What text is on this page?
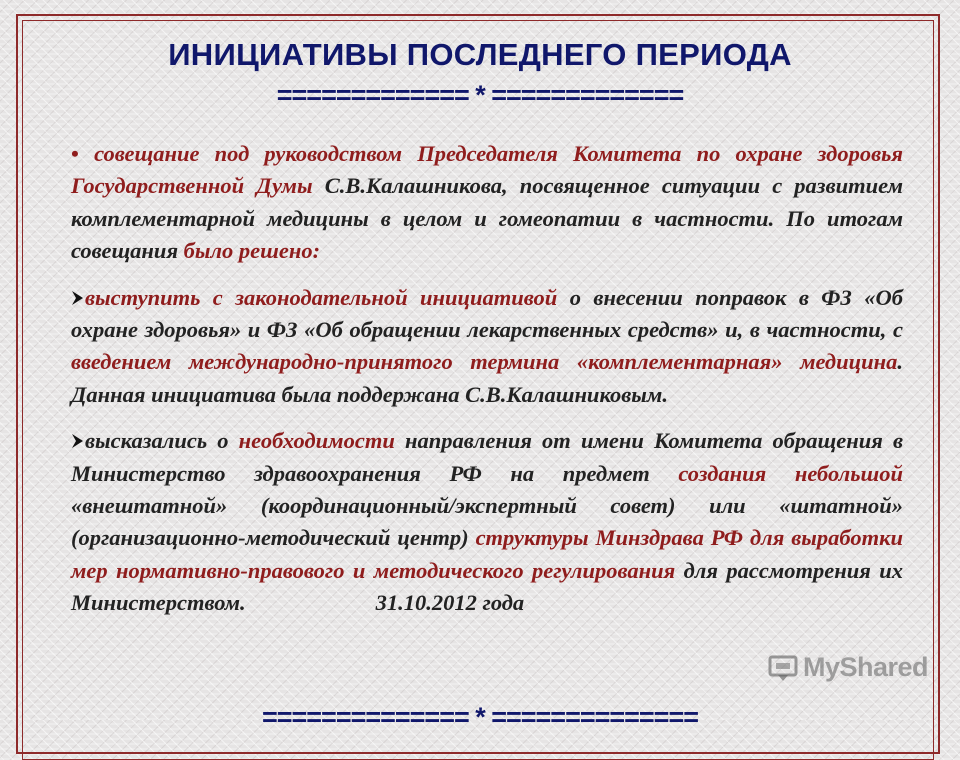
ИНИЦИАТИВЫ ПОСЛЕДНЕГО ПЕРИОДА
============= * =============

• совещание под руководством Председателя Комитета по охране здоровья Государственной Думы С.В.Калашникова, посвященное ситуации с развитием комплементарной медицины в целом и гомеопатии в частности. По итогам совещания было решено:

выступить с законодательной инициативой о внесении поправок в ФЗ «Об охране здоровья» и ФЗ «Об обращении лекарственных средств» и, в частности, с введением международно-принятого термина «комплементарная» медицина. Данная инициатива была поддержана С.В.Калашниковым.

высказались о необходимости направления от имени Комитета обращения в Министерство здравоохранения РФ на предмет создания небольшой «внештатной» (координационный/экспертный совет) или «штатной» (организационно-методический центр) структуры Минздрава РФ для выработки мер нормативно-правового и методического регулирования для рассмотрения их Министерством.	31.10.2012 года

============== * ==============
MyShared
